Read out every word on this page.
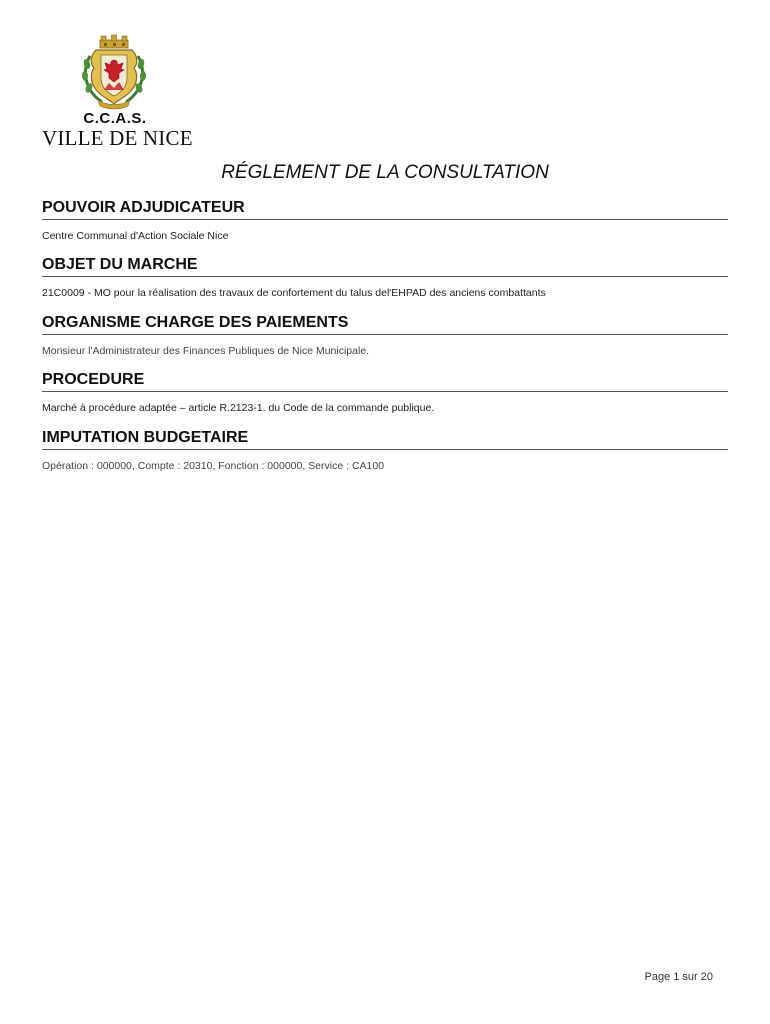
C.C.A.S.
VILLE DE NICE
RÉGLEMENT DE LA CONSULTATION
POUVOIR ADJUDICATEUR
Centre Communal d'Action Sociale Nice
OBJET DU MARCHE
21C0009 - MO pour la réalisation des travaux de confortement du talus del'EHPAD des anciens combattants
ORGANISME CHARGE DES PAIEMENTS
Monsieur l'Administrateur des Finances Publiques de Nice Municipale.
PROCEDURE
Marché à procédure adaptée – article R.2123-1. du Code de la commande publique.
IMPUTATION BUDGETAIRE
Opération : 000000, Compte : 20310, Fonction : 000000, Service : CA100
Page 1 sur 20
